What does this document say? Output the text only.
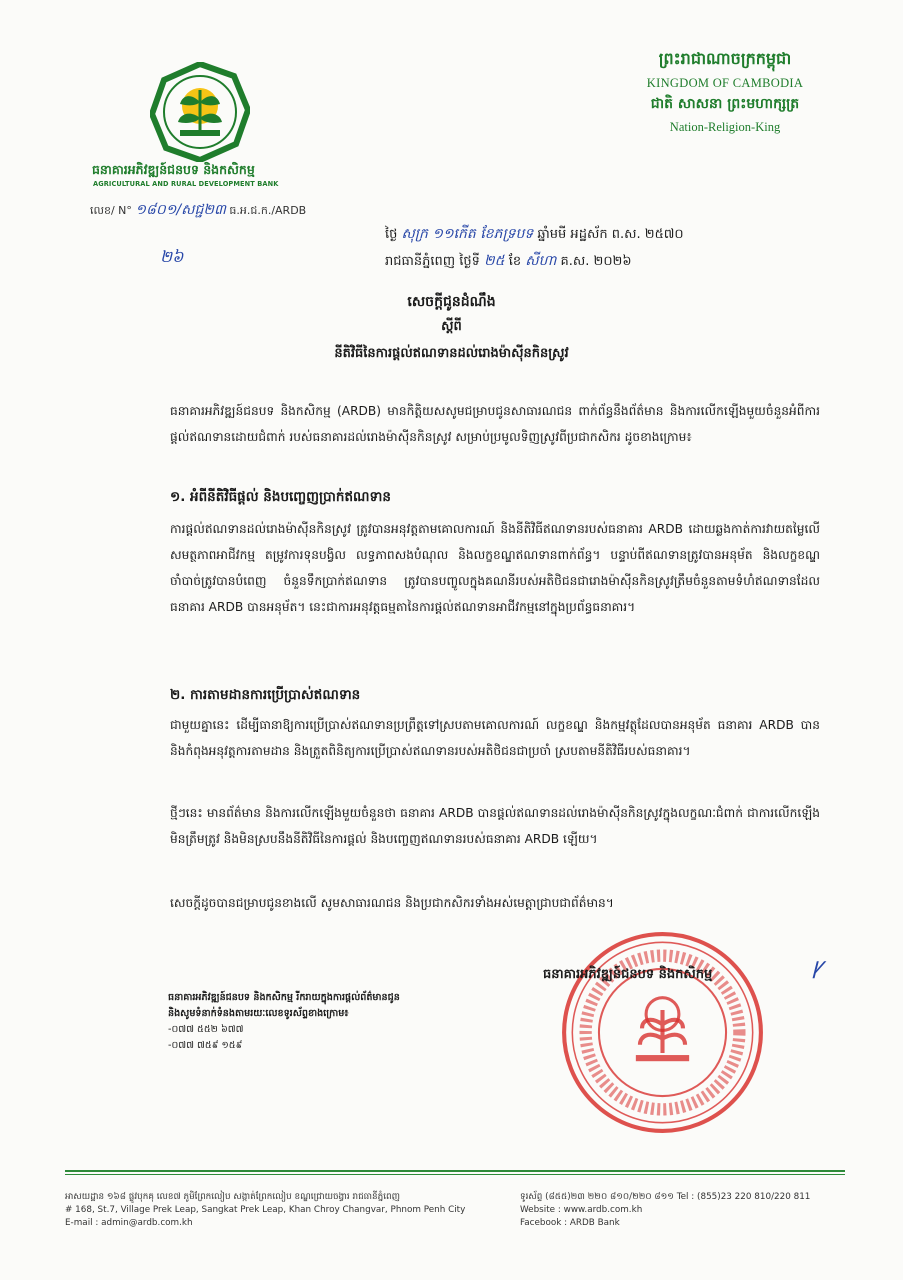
ធនាគារអភិវឌ្ឍន៍ជនបទ និងកសិកម្ម
AGRICULTURAL AND RURAL DEVELOPMENT BANK
លេខ/ N° ១៨០១/សជ្ជ២៣ ធ.អ.ជ.ក./ARDB
២៦
ព្រះរាជាណាចក្រកម្ពុជា
KINGDOM OF CAMBODIA
ជាតិ សាសនា ព្រះមហាក្សត្រ
Nation-Religion-King
ថ្ងៃ សុក្រ ១១កើត ខែភទ្របទ ឆ្នាំមមី អដ្ឋស័ក ព.ស. ២៥៧០
រាជធានីភ្នំពេញ ថ្ងៃទី ២៥ ខែ សីហា គ.ស. ២០២៦
សេចក្តីជូនដំណឹង
ស្តីពី
នីតិវិធីនៃការផ្តល់ឥណទានដល់រោងម៉ាស៊ីនកិនស្រូវ
ធនាគារអភិវឌ្ឍន៍ជនបទ និងកសិកម្ម (ARDB) មានកិត្តិយសសូមជម្រាបជូនសាធារណជន ពាក់ព័ន្ធនឹងព័ត៌មាន និងការលើកឡើងមួយចំនួនអំពីការផ្តល់ឥណទានដោយជំពាក់ របស់ធនាគារដល់រោងម៉ាស៊ីនកិនស្រូវ សម្រាប់ប្រមូលទិញស្រូវពីប្រជាកសិករ ដូចខាងក្រោម៖
១. អំពីនីតិវិធីផ្តល់ និងបញ្ចេញប្រាក់ឥណទាន
ការផ្តល់ឥណទានដល់រោងម៉ាស៊ីនកិនស្រូវ ត្រូវបានអនុវត្តតាមគោលការណ៍ និងនីតិវិធីឥណទានរបស់ធនាគារ ARDB ដោយឆ្លងកាត់ការវាយតម្លៃលើសមត្ថភាពអាជីវកម្ម តម្រូវការទុនបង្វិល លទ្ធភាពសងបំណុល និងលក្ខខណ្ឌឥណទានពាក់ព័ន្ធ។ បន្ទាប់ពីឥណទានត្រូវបានអនុម័ត និងលក្ខខណ្ឌចាំបាច់ត្រូវបានបំពេញ ចំនួនទឹកប្រាក់ឥណទាន ត្រូវបានបញ្ចូលក្នុងគណនីរបស់អតិថិជនជារោងម៉ាស៊ីនកិនស្រូវត្រឹមចំនួនតាមទំហំឥណទានដែលធនាគារ ARDB បានអនុម័ត។ នេះជាការអនុវត្តធម្មតានៃការផ្តល់ឥណទានអាជីវកម្មនៅក្នុងប្រព័ន្ធធនាគារ។
២. ការតាមដានការប្រើប្រាស់ឥណទាន
ជាមួយគ្នានេះ ដើម្បីធានាឱ្យការប្រើប្រាស់ឥណទានប្រព្រឹត្តទៅស្របតាមគោលការណ៍ លក្ខខណ្ឌ និងកម្មវត្ថុដែលបានអនុម័ត ធនាគារ ARDB បាន និងកំពុងអនុវត្តការតាមដាន និងត្រួតពិនិត្យការប្រើប្រាស់ឥណទានរបស់អតិថិជនជាប្រចាំ ស្របតាមនីតិវិធីរបស់ធនាគារ។
ថ្មីៗនេះ មានព័ត៌មាន និងការលើកឡើងមួយចំនួនថា ធនាគារ ARDB បានផ្តល់ឥណទានដល់រោងម៉ាស៊ីនកិនស្រូវក្នុងលក្ខណៈជំពាក់ ជាការលើកឡើងមិនត្រឹមត្រូវ និងមិនស្របនឹងនីតិវិធីនៃការផ្តល់ និងបញ្ចេញឥណទានរបស់ធនាគារ ARDB ឡើយ។
សេចក្តីដូចបានជម្រាបជូនខាងលើ សូមសាធារណជន និងប្រជាកសិករទាំងអស់មេត្តាជ្រាបជាព័ត៌មាន។
ធនាគារអភិវឌ្ឍន៍ជនបទ និងកសិកម្ម	ꝩ
ធនាគារអភិវឌ្ឍន៍ជនបទ និងកសិកម្ម រីករាយក្នុងការផ្តល់ព័ត៌មានជូន
និងសូមទំនាក់ទំនងតាមរយៈលេខទូរស័ព្ទខាងក្រោម៖
-០៧៧ ៥៥២ ៦៧៧
-០៧៧ ៧៥៩ ១៥៩
អាសយដ្ឋាន ១៦៨ ផ្លូវបុកគុ លេខ៧ ភូមិព្រែកលៀប សង្កាត់ព្រែកលៀប ខណ្ឌជ្រោយចង្វារ រាជធានីភ្នំពេញ
# 168, St.7, Village Prek Leap, Sangkat Prek Leap, Khan Chroy Changvar, Phnom Penh City
E-mail : admin@ardb.com.kh
ទូរស័ព្ទ (៨៥៥)២៣ ២២០ ៨១០/២២០ ៨១១ Tel : (855)23 220 810/220 811
Website : www.ardb.com.kh
Facebook : ARDB Bank
